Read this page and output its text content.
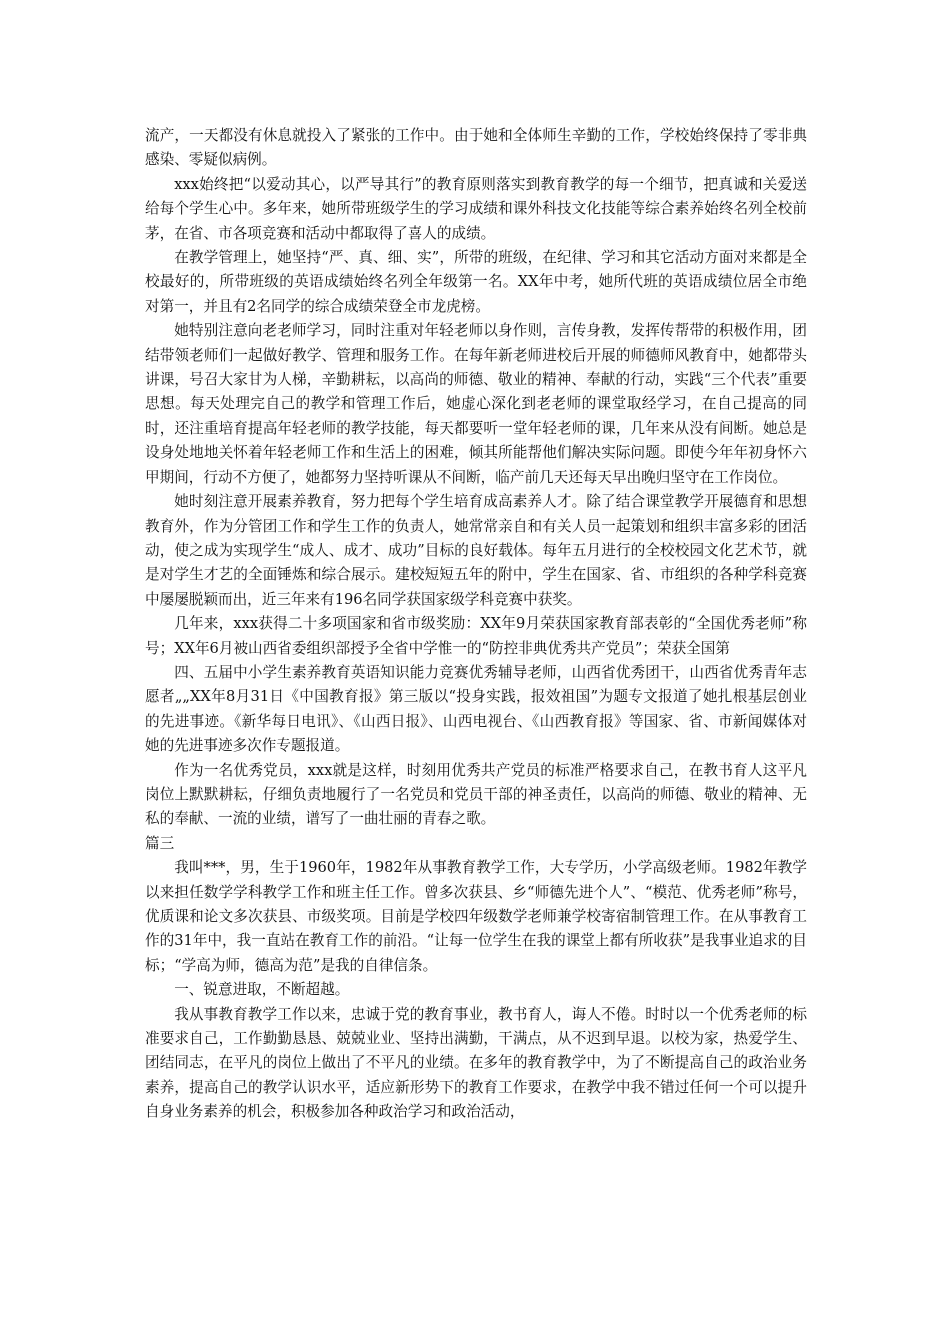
流产，一天都没有休息就投入了紧张的工作中。由于她和全体师生辛勤的工作，学校始终保持了零非典感染、零疑似病例。

xxx始终把“以爱动其心，以严导其行”的教育原则落实到教育教学的每一个细节，把真诚和关爱送给每个学生心中。多年来，她所带班级学生的学习成绩和课外科技文化技能等综合素养始终名列全校前茅，在省、市各项竞赛和活动中都取得了喜人的成绩。

在教学管理上，她坚持“严、真、细、实”，所带的班级，在纪律、学习和其它活动方面对来都是全校最好的，所带班级的英语成绩始终名列全年级第一名。XX年中考，她所代班的英语成绩位居全市绝对第一，并且有2名同学的综合成绩荣登全市龙虎榜。

她特别注意向老老师学习，同时注重对年轻老师以身作则，言传身教，发挥传帮带的积极作用，团结带领老师们一起做好教学、管理和服务工作。在每年新老师进校后开展的师德师风教育中，她都带头讲课，号召大家甘为人梯，辛勤耕耘，以高尚的师德、敬业的精神、奉献的行动，实践“三个代表”重要思想。每天处理完自己的教学和管理工作后，她虚心深化到老老师的课堂取经学习，在自己提高的同时，还注重培育提高年轻老师的教学技能，每天都要听一堂年轻老师的课，几年来从没有间断。她总是设身处地地关怀着年轻老师工作和生活上的困难，倾其所能帮他们解决实际问题。即使今年年初身怀六甲期间，行动不方便了，她都努力坚持听课从不间断，临产前几天还每天早出晚归坚守在工作岗位。

她时刻注意开展素养教育，努力把每个学生培育成高素养人才。除了结合课堂教学开展德育和思想教育外，作为分管团工作和学生工作的负责人，她常常亲自和有关人员一起策划和组织丰富多彩的团活动，使之成为实现学生“成人、成才、成功”目标的良好载体。每年五月进行的全校校园文化艺术节，就是对学生才艺的全面锤炼和综合展示。建校短短五年的附中，学生在国家、省、市组织的各种学科竞赛中屡屡脱颖而出，近三年来有196名同学获国家级学科竞赛中获奖。

几年来，xxx获得二十多项国家和省市级奖励：XX年9月荣获国家教育部表彰的“全国优秀老师”称号；XX年6月被山西省委组织部授予全省中学惟一的“防控非典优秀共产党员”；荣获全国第

四、五届中小学生素养教育英语知识能力竞赛优秀辅导老师，山西省优秀团干，山西省优秀青年志愿者„„XX年8月31日《中国教育报》第三版以“投身实践，报效祖国”为题专文报道了她扎根基层创业的先进事迹。《新华每日电讯》、《山西日报》、山西电视台、《山西教育报》等国家、省、市新闻媒体对她的先进事迹多次作专题报道。

作为一名优秀党员，xxx就是这样，时刻用优秀共产党员的标准严格要求自己，在教书育人这平凡岗位上默默耕耘，仔细负责地履行了一名党员和党员干部的神圣责任，以高尚的师德、敬业的精神、无私的奉献、一流的业绩，谱写了一曲壮丽的青春之歌。

篇三

我叫***，男，生于1960年，1982年从事教育教学工作，大专学历，小学高级老师。1982年教学以来担任数学学科教学工作和班主任工作。曾多次获县、乡“师德先进个人”、“模范、优秀老师”称号，优质课和论文多次获县、市级奖项。目前是学校四年级数学老师兼学校寄宿制管理工作。在从事教育工作的31年中，我一直站在教育工作的前沿。“让每一位学生在我的课堂上都有所收获”是我事业追求的目标；“学高为师，德高为范”是我的自律信条。

一、锐意进取，不断超越。

我从事教育教学工作以来，忠诚于党的教育事业，教书育人，诲人不倦。时时以一个优秀老师的标准要求自己，工作勤勤恳恳、兢兢业业、坚持出满勤，干满点，从不迟到早退。以校为家，热爱学生、团结同志，在平凡的岗位上做出了不平凡的业绩。在多年的教育教学中，为了不断提高自己的政治业务素养，提高自己的教学认识水平，适应新形势下的教育工作要求，在教学中我不错过任何一个可以提升自身业务素养的机会，积极参加各种政治学习和政治活动，
